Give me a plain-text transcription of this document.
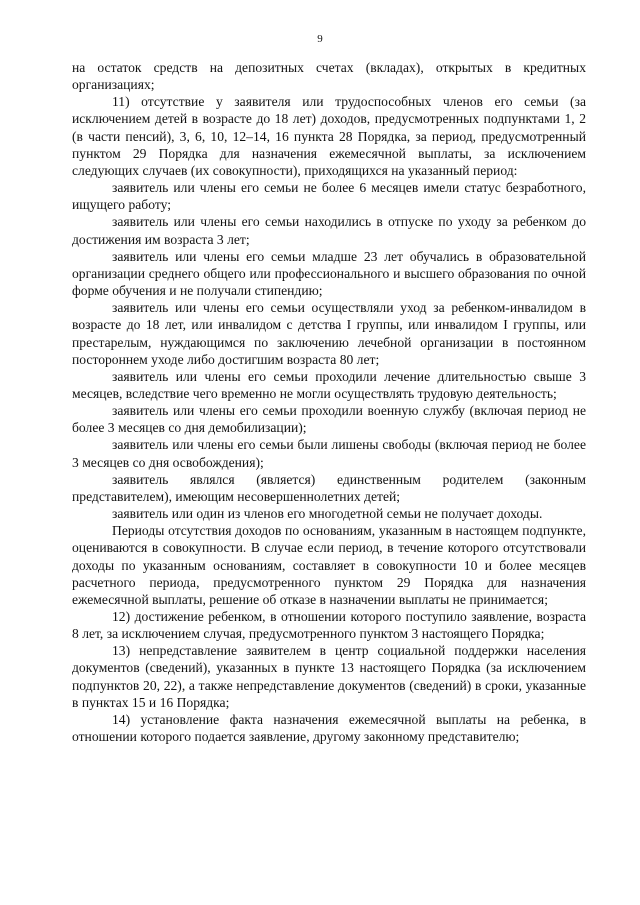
9

на остаток средств на депозитных счетах (вкладах), открытых в кредитных организациях;

11) отсутствие у заявителя или трудоспособных членов его семьи (за исключением детей в возрасте до 18 лет) доходов, предусмотренных подпунктами 1, 2 (в части пенсий), 3, 6, 10, 12–14, 16 пункта 28 Порядка, за период, предусмотренный пунктом 29 Порядка для назначения ежемесячной выплаты, за исключением следующих случаев (их совокупности), приходящихся на указанный период:

заявитель или члены его семьи не более 6 месяцев имели статус безработного, ищущего работу;

заявитель или члены его семьи находились в отпуске по уходу за ребенком до достижения им возраста 3 лет;

заявитель или члены его семьи младше 23 лет обучались в образовательной организации среднего общего или профессионального и высшего образования по очной форме обучения и не получали стипендию;

заявитель или члены его семьи осуществляли уход за ребенком-инвалидом в возрасте до 18 лет, или инвалидом с детства I группы, или инвалидом I группы, или престарелым, нуждающимся по заключению лечебной организации в постоянном постороннем уходе либо достигшим возраста 80 лет;

заявитель или члены его семьи проходили лечение длительностью свыше 3 месяцев, вследствие чего временно не могли осуществлять трудовую деятельность;

заявитель или члены его семьи проходили военную службу (включая период не более 3 месяцев со дня демобилизации);

заявитель или члены его семьи были лишены свободы (включая период не более 3 месяцев со дня освобождения);

заявитель являлся (является) единственным родителем (законным представителем), имеющим несовершеннолетних детей;

заявитель или один из членов его многодетной семьи не получает доходы.

Периоды отсутствия доходов по основаниям, указанным в настоящем подпункте, оцениваются в совокупности. В случае если период, в течение которого отсутствовали доходы по указанным основаниям, составляет в совокупности 10 и более месяцев расчетного периода, предусмотренного пунктом 29 Порядка для назначения ежемесячной выплаты, решение об отказе в назначении выплаты не принимается;

12) достижение ребенком, в отношении которого поступило заявление, возраста 8 лет, за исключением случая, предусмотренного пунктом 3 настоящего Порядка;

13) непредставление заявителем в центр социальной поддержки населения документов (сведений), указанных в пункте 13 настоящего Порядка (за исключением подпунктов 20, 22), а также непредставление документов (сведений) в сроки, указанные в пунктах 15 и 16 Порядка;

14) установление факта назначения ежемесячной выплаты на ребенка, в отношении которого подается заявление, другому законному представителю;
